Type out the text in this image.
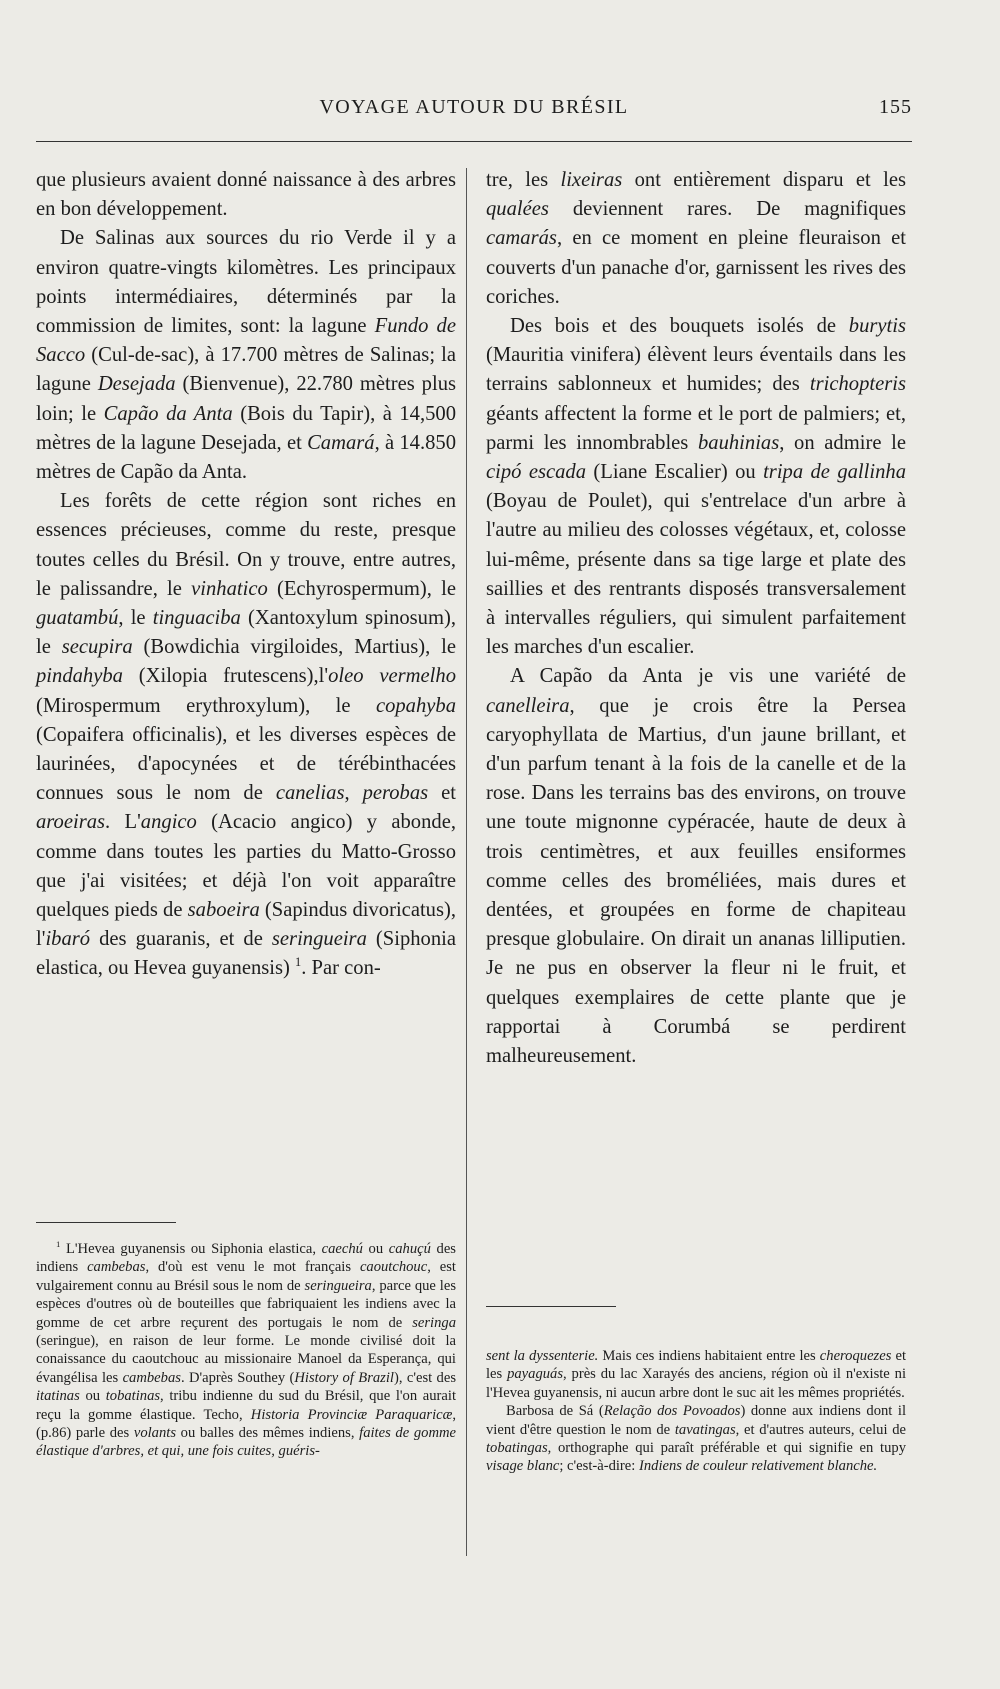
VOYAGE AUTOUR DU BRÉSIL	155

que plusieurs avaient donné naissance à des arbres en bon développement.

De Salinas aux sources du rio Verde il y a environ quatre-vingts kilomètres. Les principaux points intermédiaires, déterminés par la commission de limites, sont: la lagune Fundo de Sacco (Cul-de-sac), à 17.700 mètres de Salinas; la lagune Desejada (Bienvenue), 22.780 mètres plus loin; le Capão da Anta (Bois du Tapir), à 14,500 mètres de la lagune Desejada, et Camará, à 14.850 mètres de Capão da Anta.

Les forêts de cette région sont riches en essences précieuses, comme du reste, presque toutes celles du Brésil. On y trouve, entre autres, le palissandre, le vinhatico (Echyrospermum), le guatambú, le tinguaciba (Xantoxylum spinosum), le secupira (Bowdichia virgiloides, Martius), le pindahyba (Xilopia frutescens),l'oleo vermelho (Mirospermum erythroxylum), le copahyba (Copaifera officinalis), et les diverses espèces de laurinées, d'apocynées et de térébinthacées connues sous le nom de canelias, perobas et aroeiras. L'angico (Acacio angico) y abonde, comme dans toutes les parties du Matto-Grosso que j'ai visitées; et déjà l'on voit apparaître quelques pieds de saboeira (Sapindus divoricatus), l'ibaró des guaranis, et de seringueira (Siphonia elastica, ou Hevea guyanensis) $^1$. Par con-

tre, les lixeiras ont entièrement disparu et les qualées deviennent rares. De magnifiques camarás, en ce moment en pleine fleuraison et couverts d'un panache d'or, garnissent les rives des coriches.

Des bois et des bouquets isolés de burytis (Mauritia vinifera) élèvent leurs éventails dans les terrains sablonneux et humides; des trichopteris géants affectent la forme et le port de palmiers; et, parmi les innombrables bauhinias, on admire le cipó escada (Liane Escalier) ou tripa de gallinha (Boyau de Poulet), qui s'entrelace d'un arbre à l'autre au milieu des colosses végétaux, et, colosse lui-même, présente dans sa tige large et plate des saillies et des rentrants disposés transversalement à intervalles réguliers, qui simulent parfaitement les marches d'un escalier.

A Capão da Anta je vis une variété de canelleira, que je crois être la Persea caryophyllata de Martius, d'un jaune brillant, et d'un parfum tenant à la fois de la canelle et de la rose. Dans les terrains bas des environs, on trouve une toute mignonne cypéracée, haute de deux à trois centimètres, et aux feuilles ensiformes comme celles des broméliées, mais dures et dentées, et groupées en forme de chapiteau presque globulaire. On dirait un ananas lilliputien. Je ne pus en observer la fleur ni le fruit, et quelques exemplaires de cette plante que je rapportai à Corumbá se perdirent malheureusement.

$^1$ L'Hevea guyanensis ou Siphonia elastica, caechú ou cahuçú des indiens cambebas, d'où est venu le mot français caoutchouc, est vulgairement connu au Brésil sous le nom de seringueira, parce que les espèces d'outres où de bouteilles que fabriquaient les indiens avec la gomme de cet arbre reçurent des portugais le nom de seringa (seringue), en raison de leur forme. Le monde civilisé doit la conaissance du caoutchouc au missionaire Manoel da Esperança, qui évangélisa les cambebas. D'après Southey (History of Brazil), c'est des itatinas ou tobatinas, tribu indienne du sud du Brésil, que l'on aurait reçu la gomme élastique. Techo, Historia Provinciæ Paraquaricæ, (p.86) parle des volants ou balles des mêmes indiens, faites de gomme élastique d'arbres, et qui, une fois cuites, guéris-

sent la dyssenterie. Mais ces indiens habitaient entre les cheroquezes et les payaguás, près du lac Xarayés des anciens, région où il n'existe ni l'Hevea guyanensis, ni aucun arbre dont le suc ait les mêmes propriétés.

Barbosa de Sá (Relação dos Povoados) donne aux indiens dont il vient d'être question le nom de tavatingas, et d'autres auteurs, celui de tobatingas, orthographe qui paraît préférable et qui signifie en tupy visage blanc; c'est-à-dire: Indiens de couleur relativement blanche.
